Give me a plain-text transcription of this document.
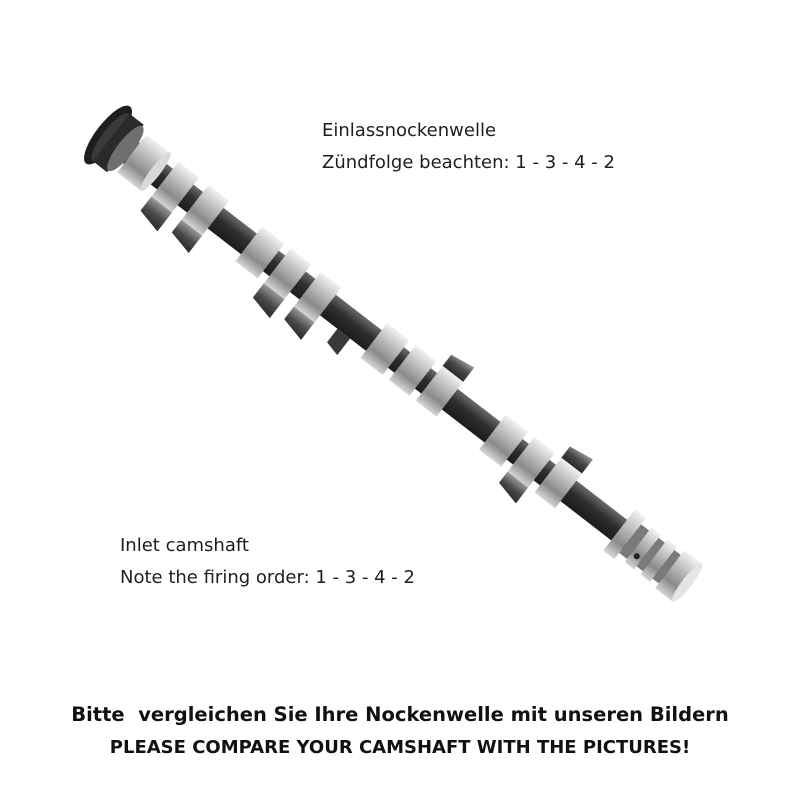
Einlassnockenwelle
Zündfolge beachten: 1 - 3 - 4 - 2
Inlet camshaft
Note the firing order: 1 - 3 - 4 - 2
Bitte  vergleichen Sie Ihre Nockenwelle mit unseren Bildern
PLEASE COMPARE YOUR CAMSHAFT WITH THE PICTURES!
